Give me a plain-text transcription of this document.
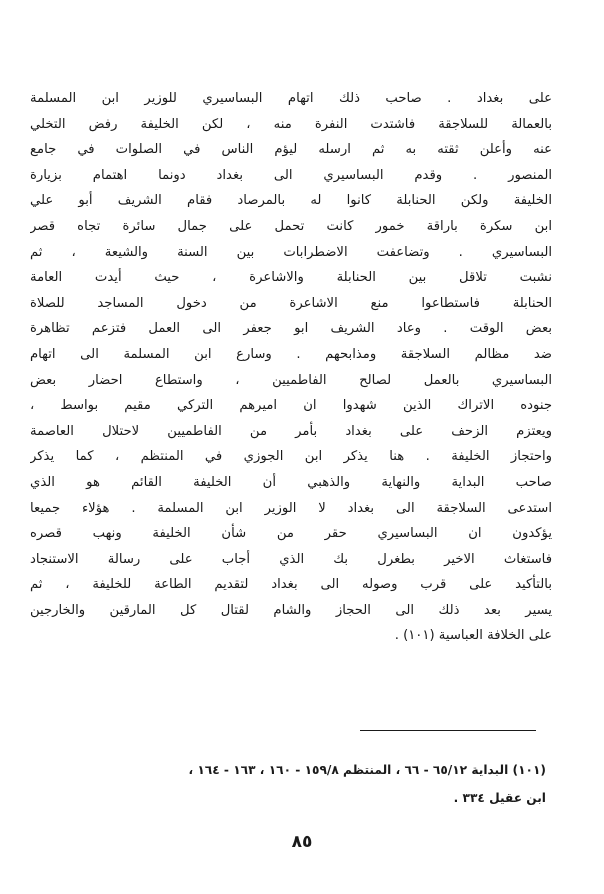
على بغداد . صاحب ذلك اتهام البساسيري للوزير ابن المسلمة
بالعمالة للسلاجقة فاشتدت النفرة منه ، لكن الخليفة رفض التخلي
عنه وأعلن ثقته به ثم ارسله ليؤم الناس في الصلوات في جامع
المنصور . وقدم البساسيري الى بغداد دونما اهتمام بزيارة
الخليفة ولكن الحنابلة كانوا له بالمرصاد فقام الشريف أبو علي
ابن سكرة باراقة خمور كانت تحمل على جمال سائرة تجاه قصر
البساسيري . وتضاعفت الاضطرابات بين السنة والشيعة ، ثم
نشبت تلاقل بين الحنابلة والاشاعرة ، حيث أيدت العامة
الحنابلة فاستطاعوا منع الاشاعرة من دخول المساجد للصلاة
بعض الوقت . وعاد الشريف ابو جعفر الى العمل فتزعم تظاهرة
ضد مظالم السلاجقة ومذابحهم . وسارع ابن المسلمة الى اتهام
البساسيري بالعمل لصالح الفاطميين ، واستطاع احضار بعض
جنوده الاتراك الذين شهدوا ان اميرهم التركي مقيم بواسط ،
ويعتزم الزحف على بغداد بأمر من الفاطميين لاحتلال العاصمة
واحتجاز الخليفة . هنا يذكر ابن الجوزي في المنتظم ، كما يذكر
صاحب البداية والنهاية والذهبي أن الخليفة القائم هو الذي
استدعى السلاجقة الى بغداد لا الوزير ابن المسلمة . هؤلاء جميعا
يؤكدون ان البساسيري حقر من شأن الخليفة ونهب قصره
فاستغاث الاخير بطغرل بك الذي أجاب على رسالة الاستنجاد
بالتأكيد على قرب وصوله الى بغداد لتقديم الطاعة للخليفة ، ثم
يسير بعد ذلك الى الحجاز والشام لقتال كل المارقين والخارجين
على الخلافة العباسية (١٠١) .
(١٠١) البداية ٦٥/١٢ - ٦٦ ، المنتظم ١٥٩/٨ - ١٦٠ ، ١٦٣ - ١٦٤ ،
ابن عقيل ٣٣٤ .
٨٥
